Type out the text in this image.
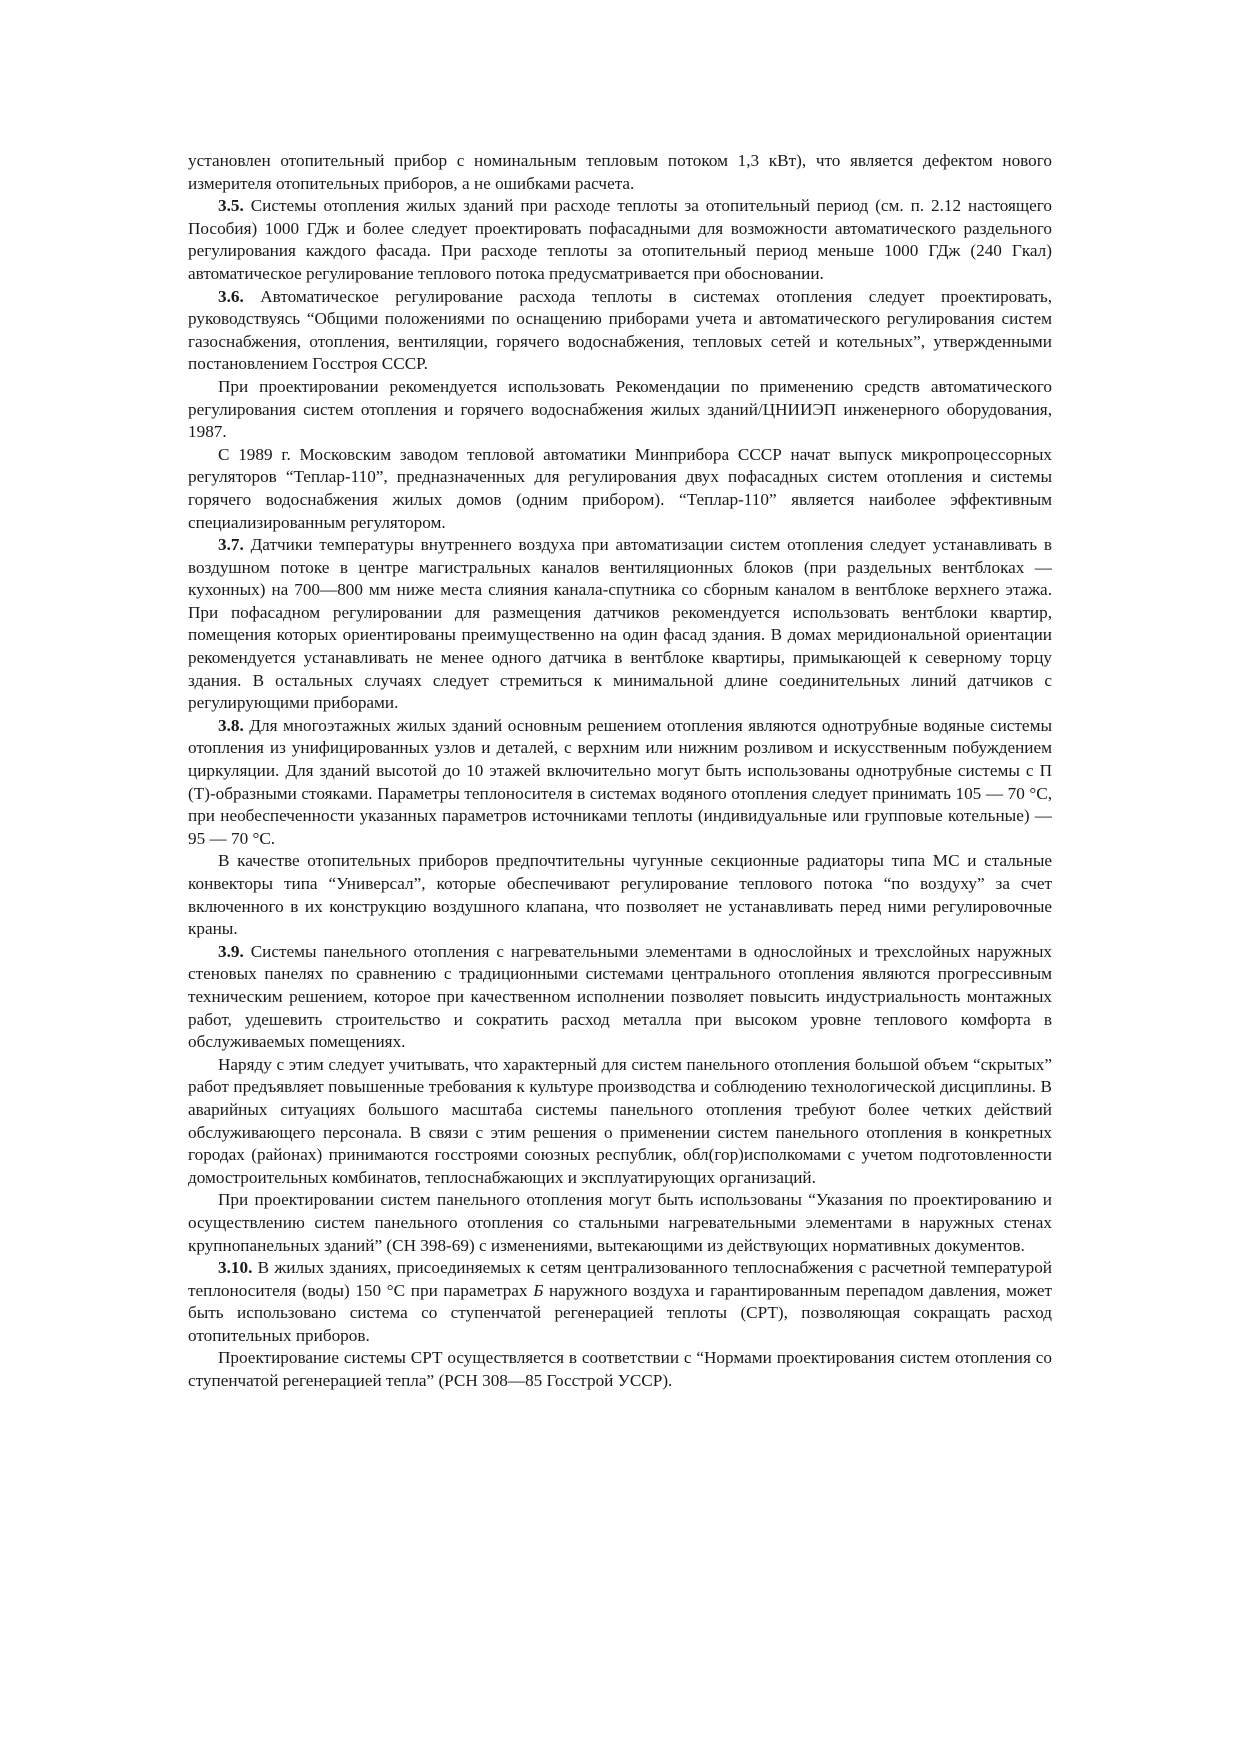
установлен отопительный прибор с номинальным тепловым потоком 1,3 кВт), что является дефектом нового измерителя отопительных приборов, а не ошибками расчета.

3.5. Системы отопления жилых зданий при расходе теплоты за отопительный период (см. п. 2.12 настоящего Пособия) 1000 ГДж и более следует проектировать пофасадными для возможности автоматического раздельного регулирования каждого фасада. При расходе теплоты за отопительный период меньше 1000 ГДж (240 Гкал) автоматическое регулирование теплового потока предусматривается при обосновании.

3.6. Автоматическое регулирование расхода теплоты в системах отопления следует проектировать, руководствуясь “Общими положениями по оснащению приборами учета и автоматического регулирования систем газоснабжения, отопления, вентиляции, горячего водоснабжения, тепловых сетей и котельных”, утвержденными постановлением Госстроя СССР.

При проектировании рекомендуется использовать Рекомендации по применению средств автоматического регулирования систем отопления и горячего водоснабжения жилых зданий/ЦНИИЭП инженерного оборудования, 1987.

С 1989 г. Московским заводом тепловой автоматики Минприбора СССР начат выпуск микропроцессорных регуляторов “Теплар-110”, предназначенных для регулирования двух пофасадных систем отопления и системы горячего водоснабжения жилых домов (одним прибором). “Теплар-110” является наиболее эффективным специализированным регулятором.

3.7. Датчики температуры внутреннего воздуха при автоматизации систем отопления следует устанавливать в воздушном потоке в центре магистральных каналов вентиляционных блоков (при раздельных вентблоках — кухонных) на 700—800 мм ниже места слияния канала-спутника со сборным каналом в вентблоке верхнего этажа. При пофасадном регулировании для размещения датчиков рекомендуется использовать вентблоки квартир, помещения которых ориентированы преимущественно на один фасад здания. В домах меридиональной ориентации рекомендуется устанавливать не менее одного датчика в вентблоке квартиры, примыкающей к северному торцу здания. В остальных случаях следует стремиться к минимальной длине соединительных линий датчиков с регулирующими приборами.

3.8. Для многоэтажных жилых зданий основным решением отопления являются однотрубные водяные системы отопления из унифицированных узлов и деталей, с верхним или нижним розливом и искусственным побуждением циркуляции. Для зданий высотой до 10 этажей включительно могут быть использованы однотрубные системы с П (Т)-образными стояками. Параметры теплоносителя в системах водяного отопления следует принимать 105 — 70 °С, при необеспеченности указанных параметров источниками теплоты (индивидуальные или групповые котельные) — 95 — 70 °С.

В качестве отопительных приборов предпочтительны чугунные секционные радиаторы типа МС и стальные конвекторы типа “Универсал”, которые обеспечивают регулирование теплового потока “по воздуху” за счет включенного в их конструкцию воздушного клапана, что позволяет не устанавливать перед ними регулировочные краны.

3.9. Системы панельного отопления с нагревательными элементами в однослойных и трехслойных наружных стеновых панелях по сравнению с традиционными системами центрального отопления являются прогрессивным техническим решением, которое при качественном исполнении позволяет повысить индустриальность монтажных работ, удешевить строительство и сократить расход металла при высоком уровне теплового комфорта в обслуживаемых помещениях.

Наряду с этим следует учитывать, что характерный для систем панельного отопления большой объем “скрытых” работ предъявляет повышенные требования к культуре производства и соблюдению технологической дисциплины. В аварийных ситуациях большого масштаба системы панельного отопления требуют более четких действий обслуживающего персонала. В связи с этим решения о применении систем панельного отопления в конкретных городах (районах) принимаются госстроями союзных республик, обл(гор)исполкомами с учетом подготовленности домостроительных комбинатов, теплоснабжающих и эксплуатирующих организаций.

При проектировании систем панельного отопления могут быть использованы “Указания по проектированию и осуществлению систем панельного отопления со стальными нагревательными элементами в наружных стенах крупнопанельных зданий” (СН 398-69) с изменениями, вытекающими из действующих нормативных документов.

3.10. В жилых зданиях, присоединяемых к сетям централизованного теплоснабжения с расчетной температурой теплоносителя (воды) 150 °С при параметрах Б наружного воздуха и гарантированным перепадом давления, может быть использовано система со ступенчатой регенерацией теплоты (СРТ), позволяющая сокращать расход отопительных приборов.

Проектирование системы СРТ осуществляется в соответствии с “Нормами проектирования систем отопления со ступенчатой регенерацией тепла” (РСН 308—85 Госстрой УССР).
